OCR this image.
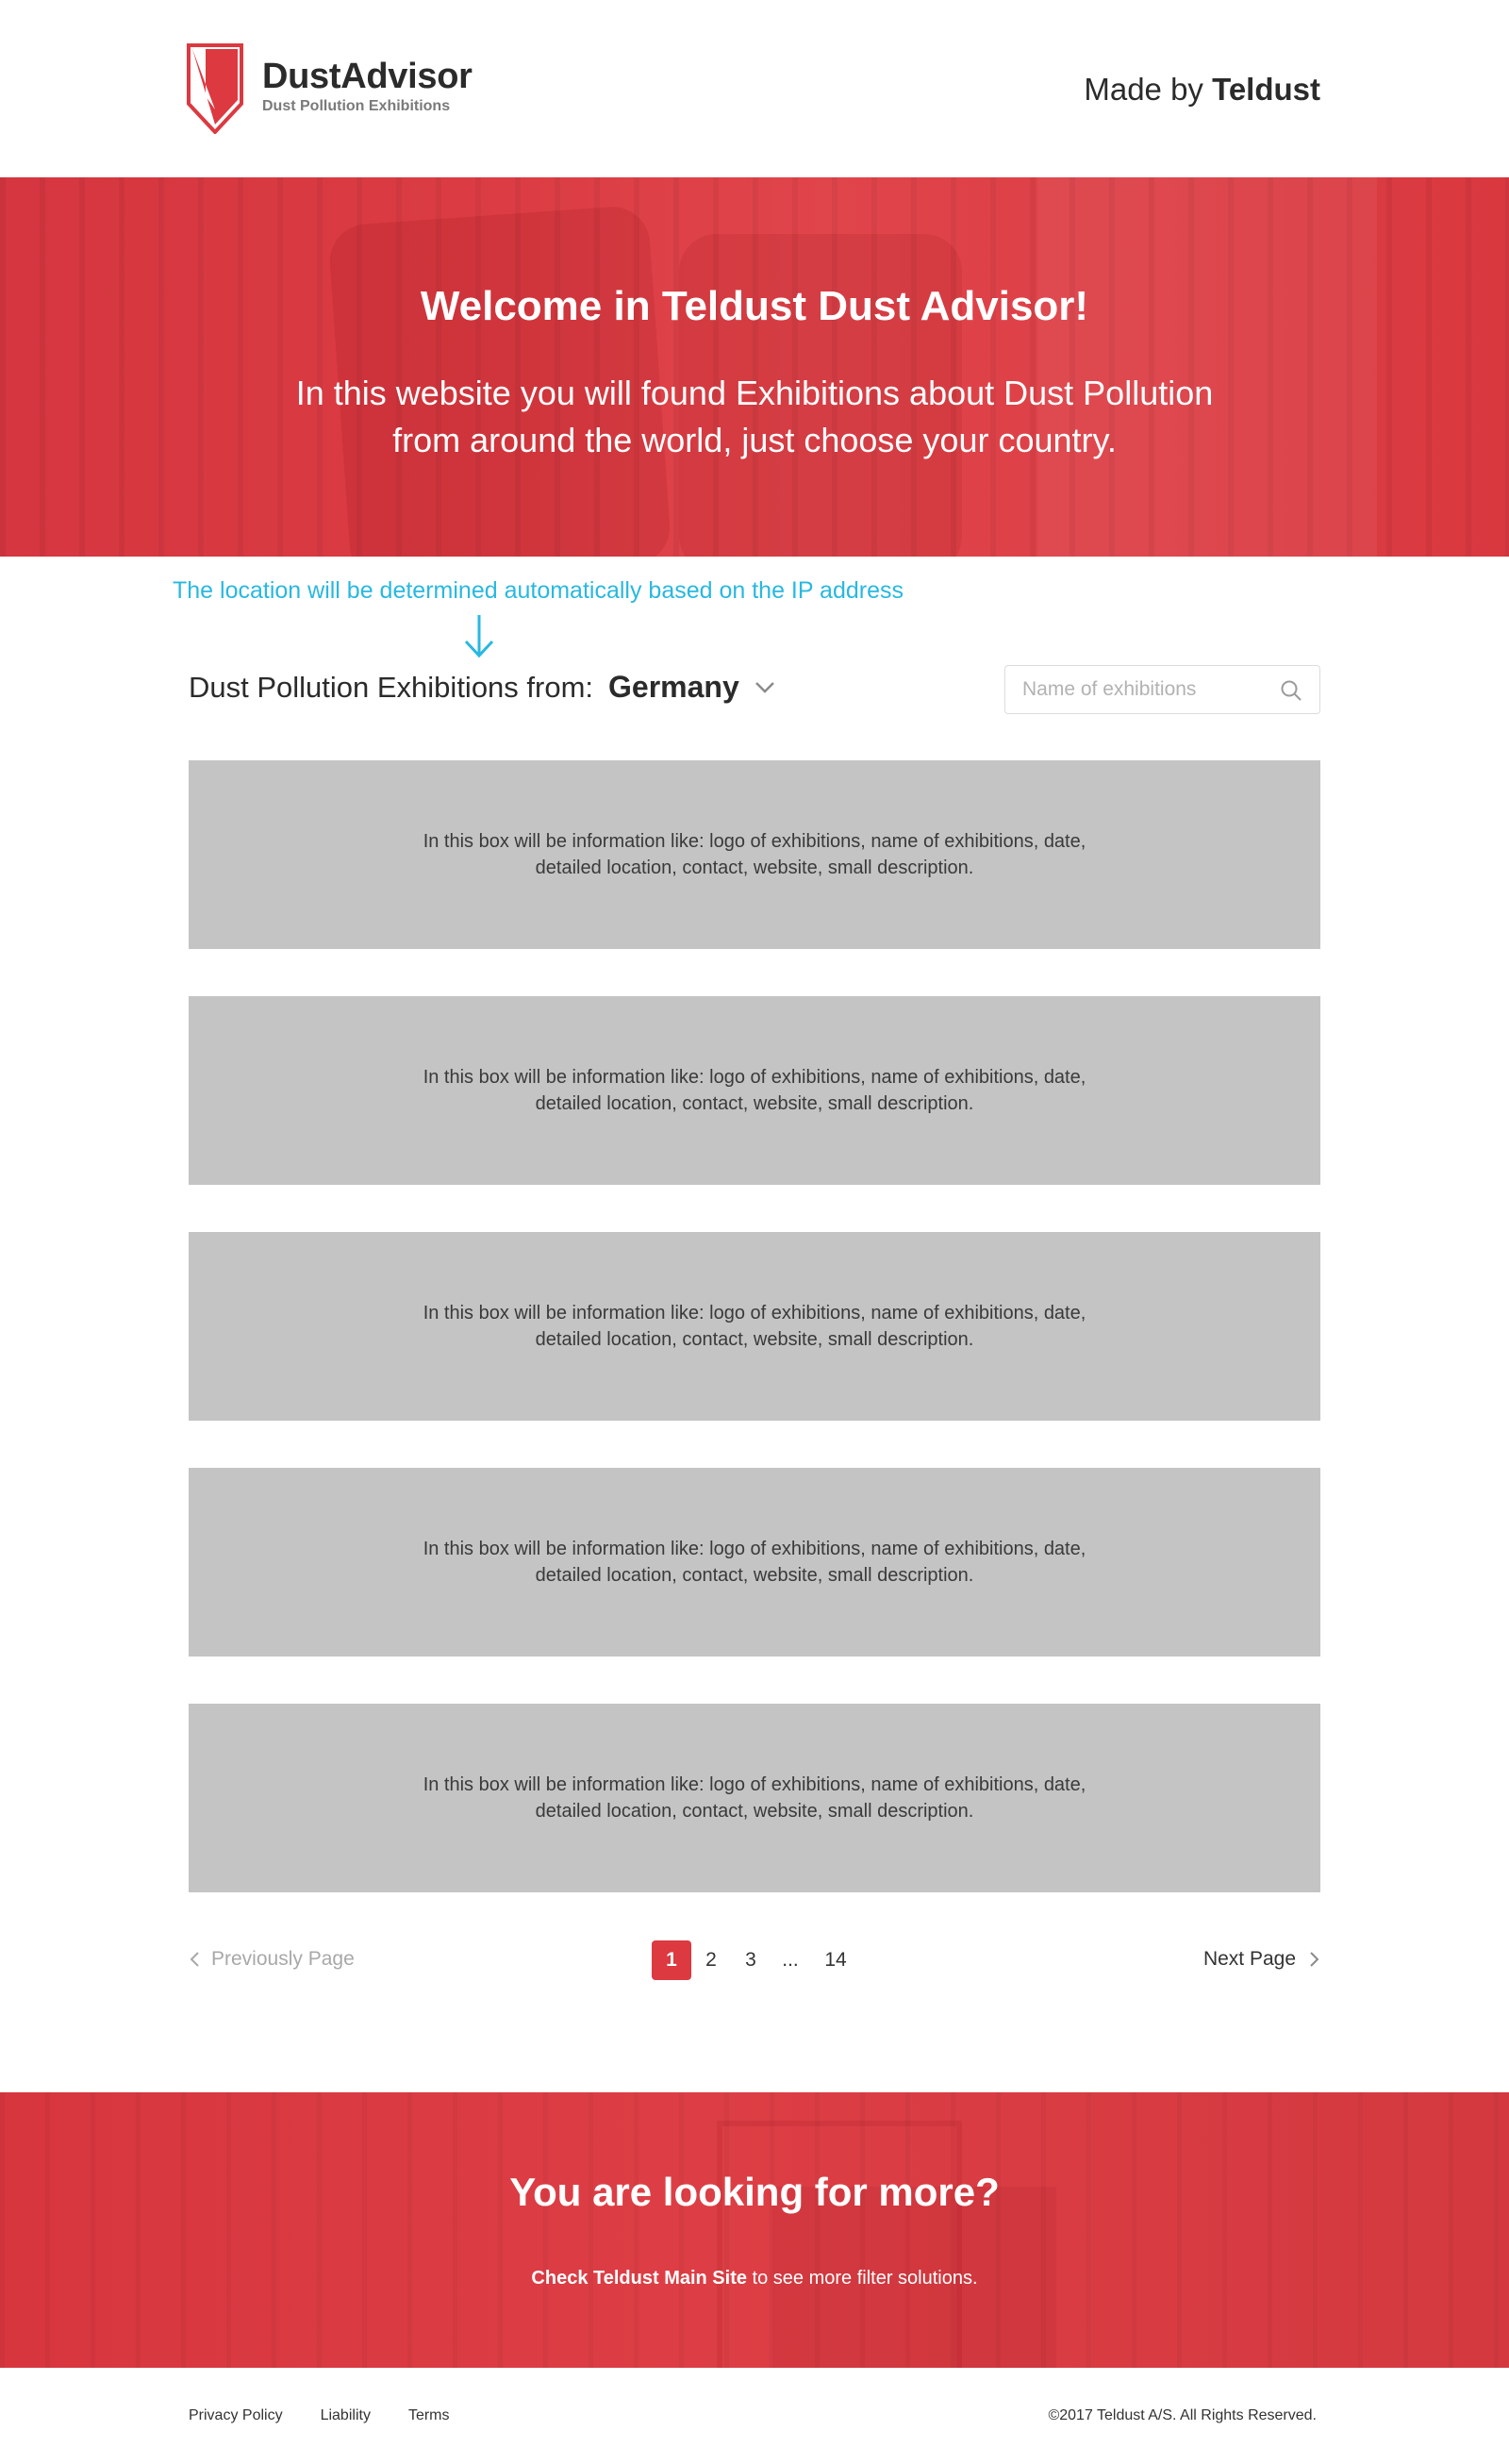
DustAdvisor
Dust Pollution Exhibitions	Made by Teldust
Welcome in Teldust Dust Advisor!

In this website you will found Exhibitions about Dust Pollution from around the world, just choose your country.

The location will be determined automatically based on the IP address
Dust Pollution Exhibitions from: Germany
Name of exhibitions

In this box will be information like: logo of exhibitions, name of exhibitions, date, detailed location, contact, website, small description.

In this box will be information like: logo of exhibitions, name of exhibitions, date, detailed location, contact, website, small description.

In this box will be information like: logo of exhibitions, name of exhibitions, date, detailed location, contact, website, small description.

In this box will be information like: logo of exhibitions, name of exhibitions, date, detailed location, contact, website, small description.

In this box will be information like: logo of exhibitions, name of exhibitions, date, detailed location, contact, website, small description.

Previously Page	1	2	3	...	14	Next Page
You are looking for more?

Check Teldust Main Site to see more filter solutions.

Privacy Policy	Liability	Terms	©2017 Teldust A/S. All Rights Reserved.
